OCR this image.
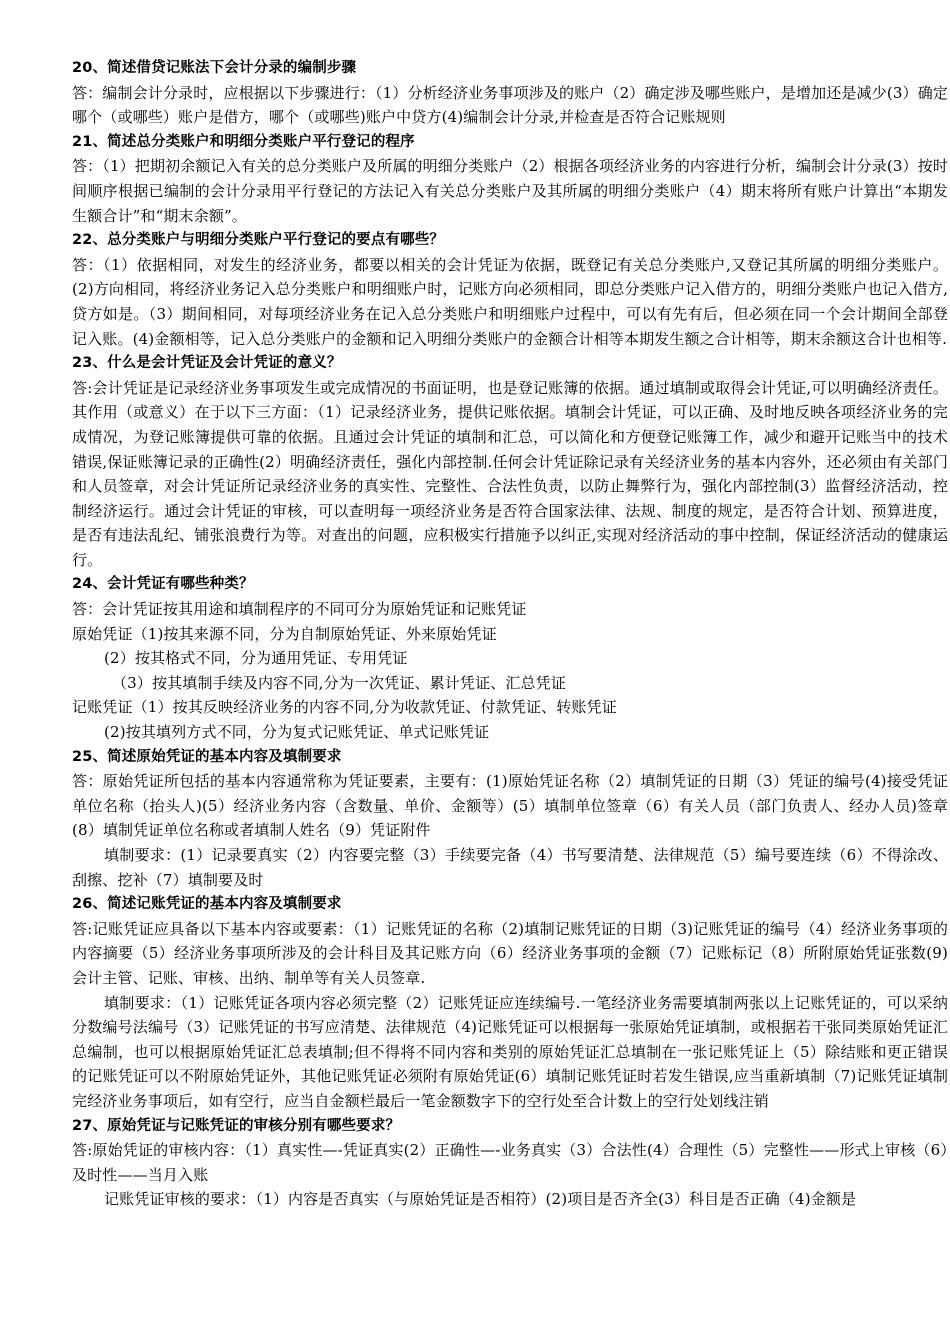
20、简述借贷记账法下会计分录的编制步骤

答：编制会计分录时，应根据以下步骤进行：（1）分析经济业务事项涉及的账户（2）确定涉及哪些账户，是增加还是减少(3）确定哪个（或哪些）账户是借方，哪个（或哪些)账户中贷方(4)编制会计分录,并检查是否符合记账规则

21、简述总分类账户和明细分类账户平行登记的程序

答：（1）把期初余额记入有关的总分类账户及所属的明细分类账户（2）根据各项经济业务的内容进行分析，编制会计分录(3）按时间顺序根据已编制的会计分录用平行登记的方法记入有关总分类账户及其所属的明细分类账户（4）期末将所有账户计算出“本期发生额合计”和“期末余额”。

22、总分类账户与明细分类账户平行登记的要点有哪些？

答：（1）依据相同，对发生的经济业务，都要以相关的会计凭证为依据，既登记有关总分类账户,又登记其所属的明细分类账户。(2)方向相同，将经济业务记入总分类账户和明细账户时，记账方向必须相同，即总分类账户记入借方的，明细分类账户也记入借方,贷方如是。（3）期间相同，对每项经济业务在记入总分类账户和明细账户过程中，可以有先有后，但必须在同一个会计期间全部登记入账。(4)金额相等，记入总分类账户的金额和记入明细分类账户的金额合计相等本期发生额之合计相等，期末余额这合计也相等.

23、什么是会计凭证及会计凭证的意义？

答:会计凭证是记录经济业务事项发生或完成情况的书面证明，也是登记账簿的依据。通过填制或取得会计凭证,可以明确经济责任。其作用（或意义）在于以下三方面：（1）记录经济业务，提供记账依据。填制会计凭证，可以正确、及时地反映各项经济业务的完成情况，为登记账簿提供可靠的依据。且通过会计凭证的填制和汇总，可以简化和方便登记账簿工作，减少和避开记账当中的技术错误,保证账簿记录的正确性(2）明确经济责任，强化内部控制.任何会计凭证除记录有关经济业务的基本内容外，还必须由有关部门和人员签章，对会计凭证所记录经济业务的真实性、完整性、合法性负责，以防止舞弊行为，强化内部控制(3）监督经济活动，控制经济运行。通过会计凭证的审核，可以查明每一项经济业务是否符合国家法律、法规、制度的规定，是否符合计划、预算进度，是否有违法乱纪、铺张浪费行为等。对查出的问题，应积极实行措施予以纠正,实现对经济活动的事中控制，保证经济活动的健康运行。

24、会计凭证有哪些种类？

答：会计凭证按其用途和填制程序的不同可分为原始凭证和记账凭证

原始凭证（1)按其来源不同，分为自制原始凭证、外来原始凭证

(2）按其格式不同，分为通用凭证、专用凭证

（3）按其填制手续及内容不同,分为一次凭证、累计凭证、汇总凭证

记账凭证（1）按其反映经济业务的内容不同,分为收款凭证、付款凭证、转账凭证

(2)按其填列方式不同，分为复式记账凭证、单式记账凭证

25、简述原始凭证的基本内容及填制要求

答：原始凭证所包括的基本内容通常称为凭证要素，主要有：(1)原始凭证名称（2）填制凭证的日期（3）凭证的编号(4)接受凭证单位名称（抬头人)(5）经济业务内容（含数量、单价、金额等）(5）填制单位签章（6）有关人员（部门负责人、经办人员)签章(8）填制凭证单位名称或者填制人姓名（9）凭证附件

填制要求：(1）记录要真实（2）内容要完整（3）手续要完备（4）书写要清楚、法律规范（5）编号要连续（6）不得涂改、刮擦、挖补（7）填制要及时

26、简述记账凭证的基本内容及填制要求

答:记账凭证应具备以下基本内容或要素：（1）记账凭证的名称（2)填制记账凭证的日期（3)记账凭证的编号（4）经济业务事项的内容摘要（5）经济业务事项所涉及的会计科目及其记账方向（6）经济业务事项的金额（7）记账标记（8）所附原始凭证张数(9)会计主管、记账、审核、出纳、制单等有关人员签章.

填制要求：（1）记账凭证各项内容必须完整（2）记账凭证应连续编号.一笔经济业务需要填制两张以上记账凭证的，可以采纳分数编号法编号（3）记账凭证的书写应清楚、法律规范（4)记账凭证可以根据每一张原始凭证填制，或根据若干张同类原始凭证汇总编制，也可以根据原始凭证汇总表填制;但不得将不同内容和类别的原始凭证汇总填制在一张记账凭证上（5）除结账和更正错误的记账凭证可以不附原始凭证外，其他记账凭证必须附有原始凭证(6）填制记账凭证时若发生错误,应当重新填制（7)记账凭证填制完经济业务事项后，如有空行，应当自金额栏最后一笔金额数字下的空行处至合计数上的空行处划线注销

27、原始凭证与记账凭证的审核分别有哪些要求？

答:原始凭证的审核内容：（1）真实性—-凭证真实(2）正确性—-业务真实（3）合法性(4）合理性（5）完整性——形式上审核（6）及时性——当月入账

记账凭证审核的要求：（1）内容是否真实（与原始凭证是否相符）(2)项目是否齐全(3）科目是否正确（4)金额是
